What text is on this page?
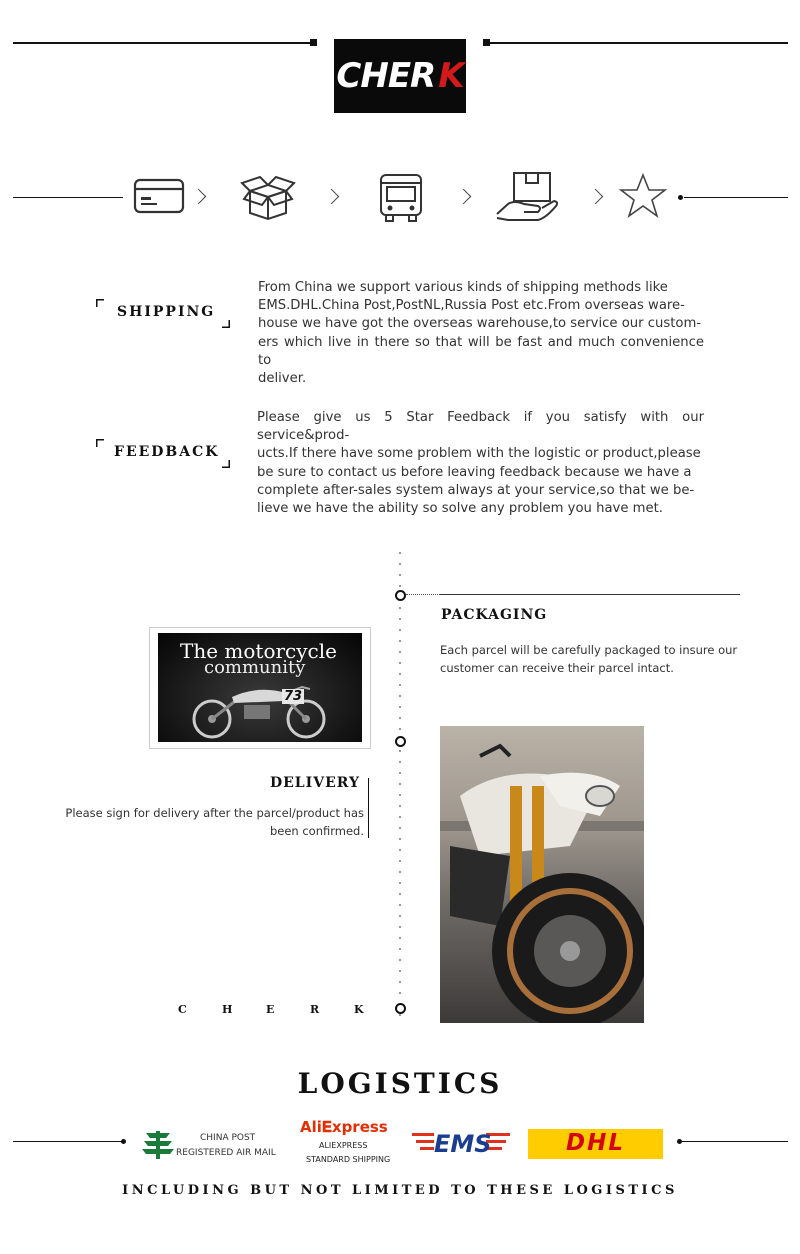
CHER K
SHIPPING
From China we support various kinds of shipping methods like
EMS.DHL.China Post,PostNL,Russia Post etc.From overseas ware-
house we have got the overseas warehouse,to service our custom-
ers which live in there so that will be fast and much convenience to
deliver.
FEEDBACK
Please give us 5 Star Feedback if you satisfy with our service&prod-
ucts.If there have some problem with the logistic or product,please
be sure to contact us before leaving feedback because we have a
complete after-sales system always at your service,so that we be-
lieve we have the ability so solve any problem you have met.
PACKAGING
Each parcel will be carefully packaged to insure our
customer can receive their parcel intact.
The motorcycle
community
73
DELIVERY
Please sign for delivery after the parcel/product has
been confirmed.
C	H	E	R	K
LOGISTICS
CHINA POST
REGISTERED AIR MAIL
Ali𝐄xpress
ALIEXPRESS
STANDARD SHIPPING
EMS	DHL
INCLUDING BUT NOT LIMITED TO THESE LOGISTICS
